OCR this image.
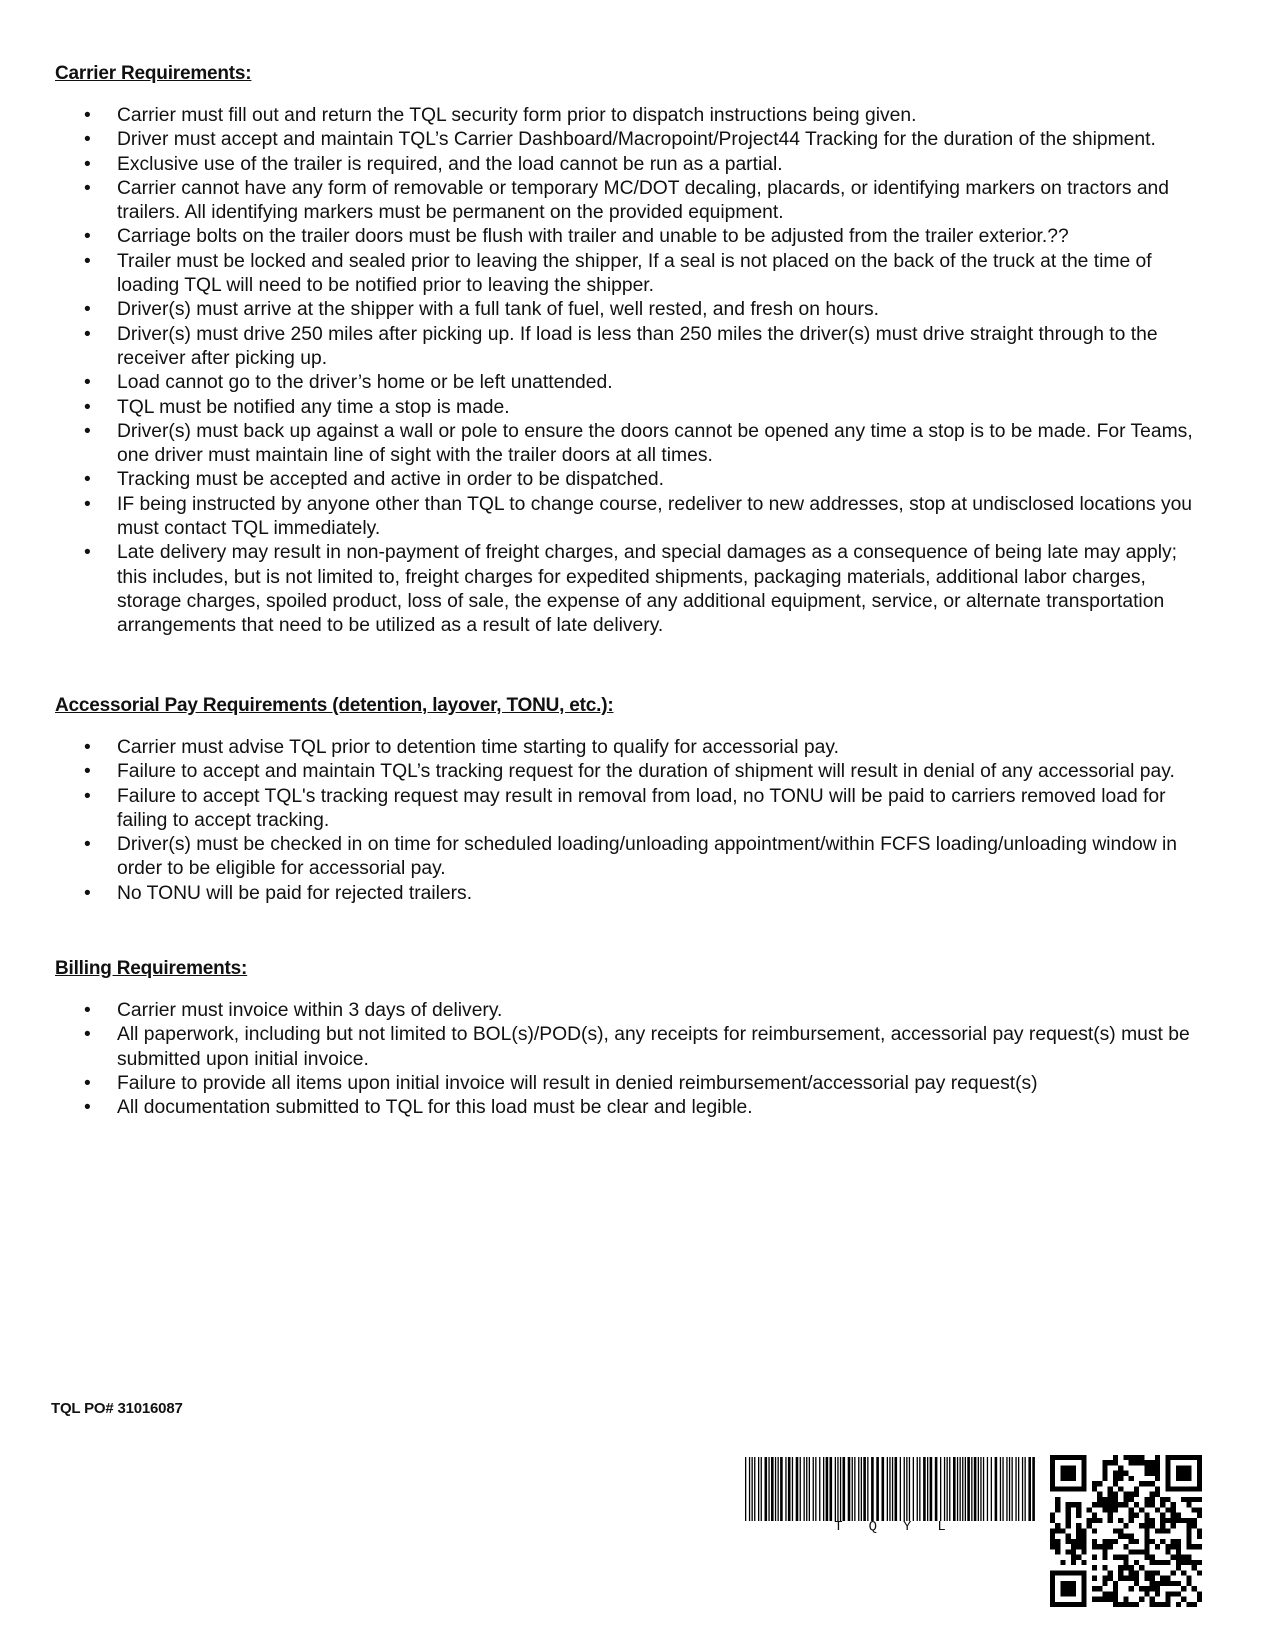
Carrier Requirements:
• Carrier must fill out and return the TQL security form prior to dispatch instructions being given.
• Driver must accept and maintain TQL’s Carrier Dashboard/Macropoint/Project44 Tracking for the duration of the shipment.
• Exclusive use of the trailer is required, and the load cannot be run as a partial.
• Carrier cannot have any form of removable or temporary MC/DOT decaling, placards, or identifying markers on tractors and trailers. All identifying markers must be permanent on the provided equipment.
• Carriage bolts on the trailer doors must be flush with trailer and unable to be adjusted from the trailer exterior.??
• Trailer must be locked and sealed prior to leaving the shipper, If a seal is not placed on the back of the truck at the time of loading TQL will need to be notified prior to leaving the shipper.
• Driver(s) must arrive at the shipper with a full tank of fuel, well rested, and fresh on hours.
• Driver(s) must drive 250 miles after picking up. If load is less than 250 miles the driver(s) must drive straight through to the receiver after picking up.
• Load cannot go to the driver’s home or be left unattended.
• TQL must be notified any time a stop is made.
• Driver(s) must back up against a wall or pole to ensure the doors cannot be opened any time a stop is to be made. For Teams, one driver must maintain line of sight with the trailer doors at all times.
• Tracking must be accepted and active in order to be dispatched.
• IF being instructed by anyone other than TQL to change course, redeliver to new addresses, stop at undisclosed locations you must contact TQL immediately.
• Late delivery may result in non-payment of freight charges, and special damages as a consequence of being late may apply; this includes, but is not limited to, freight charges for expedited shipments, packaging materials, additional labor charges, storage charges, spoiled product, loss of sale, the expense of any additional equipment, service, or alternate transportation arrangements that need to be utilized as a result of late delivery.
Accessorial Pay Requirements (detention, layover, TONU, etc.):
• Carrier must advise TQL prior to detention time starting to qualify for accessorial pay.
• Failure to accept and maintain TQL’s tracking request for the duration of shipment will result in denial of any accessorial pay.
• Failure to accept TQL's tracking request may result in removal from load, no TONU will be paid to carriers removed load for failing to accept tracking.
• Driver(s) must be checked in on time for scheduled loading/unloading appointment/within FCFS loading/unloading window in order to be eligible for accessorial pay.
• No TONU will be paid for rejected trailers.
Billing Requirements:
• Carrier must invoice within 3 days of delivery.
• All paperwork, including but not limited to BOL(s)/POD(s), any receipts for reimbursement, accessorial pay request(s) must be submitted upon initial invoice.
• Failure to provide all items upon initial invoice will result in denied reimbursement/accessorial pay request(s)
• All documentation submitted to TQL for this load must be clear and legible.

TQL PO# 31016087

T Q Y L
